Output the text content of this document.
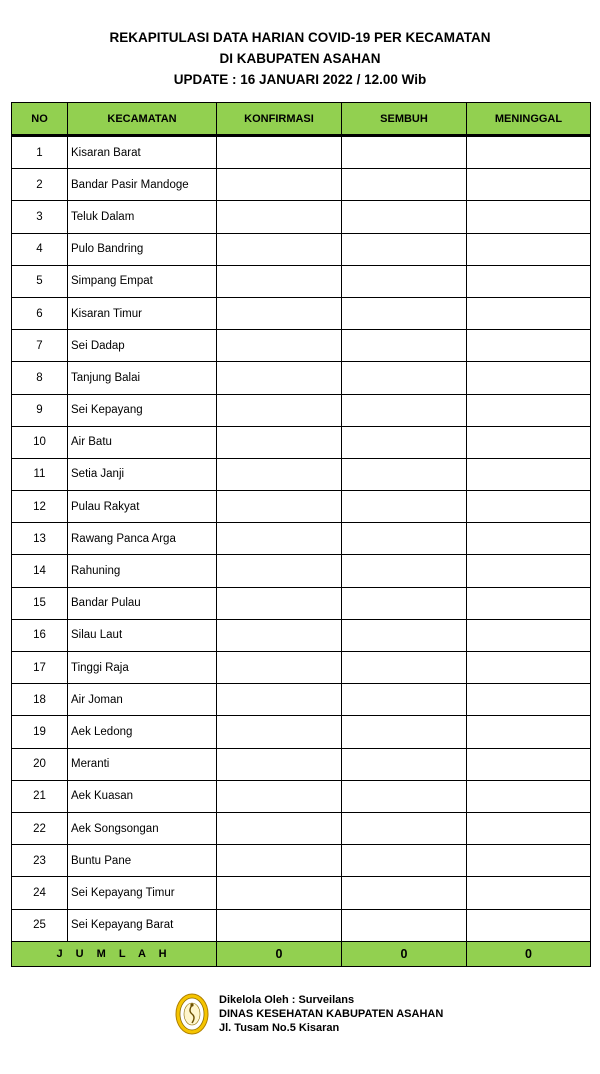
REKAPITULASI DATA HARIAN COVID-19 PER KECAMATAN
DI KABUPATEN ASAHAN
UPDATE : 16 JANUARI 2022 / 12.00 Wib
NO	KECAMATAN	KONFIRMASI	SEMBUH	MENINGGAL
1	Kisaran Barat			
2	Bandar Pasir Mandoge			
3	Teluk Dalam			
4	Pulo Bandring			
5	Simpang Empat			
6	Kisaran Timur			
7	Sei Dadap			
8	Tanjung Balai			
9	Sei Kepayang			
10	Air Batu			
11	Setia Janji			
12	Pulau Rakyat			
13	Rawang Panca Arga			
14	Rahuning			
15	Bandar Pulau			
16	Silau Laut			
17	Tinggi Raja			
18	Air Joman			
19	Aek Ledong			
20	Meranti			
21	Aek Kuasan			
22	Aek Songsongan			
23	Buntu Pane			
24	Sei Kepayang Timur			
25	Sei Kepayang Barat			
J U M L A H		0	0	0
Dikelola Oleh : Surveilans
DINAS KESEHATAN KABUPATEN ASAHAN
Jl. Tusam No.5 Kisaran
